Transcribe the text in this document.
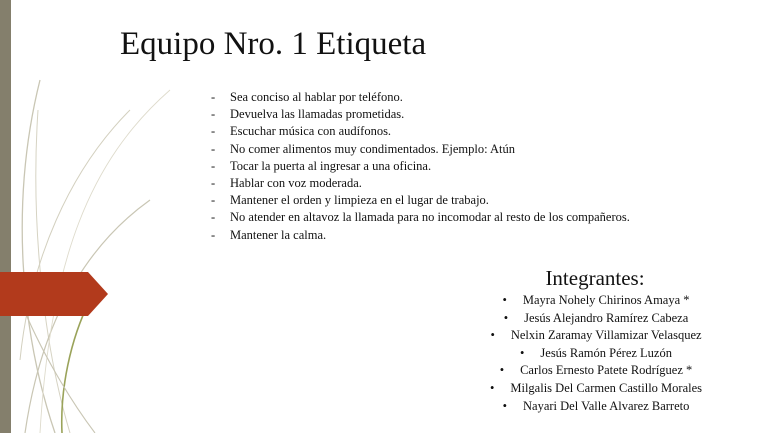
Equipo Nro. 1 Etiqueta
- Sea conciso al hablar por teléfono.
- Devuelva las llamadas prometidas.
- Escuchar música con audífonos.
- No comer alimentos muy condimentados. Ejemplo: Atún
- Tocar la puerta al ingresar a una oficina.
- Hablar con voz moderada.
- Mantener el orden y limpieza en el lugar de trabajo.
- No atender en altavoz la llamada para no incomodar al resto de los compañeros.
- Mantener la calma.
Integrantes:
• Mayra Nohely Chirinos Amaya *
• Jesús Alejandro Ramírez Cabeza
• Nelxin Zaramay Villamizar Velasquez
• Jesús Ramón Pérez Luzón
• Carlos Ernesto Patete Rodríguez *
• Milgalis Del Carmen Castillo Morales
• Nayari Del Valle Alvarez Barreto
